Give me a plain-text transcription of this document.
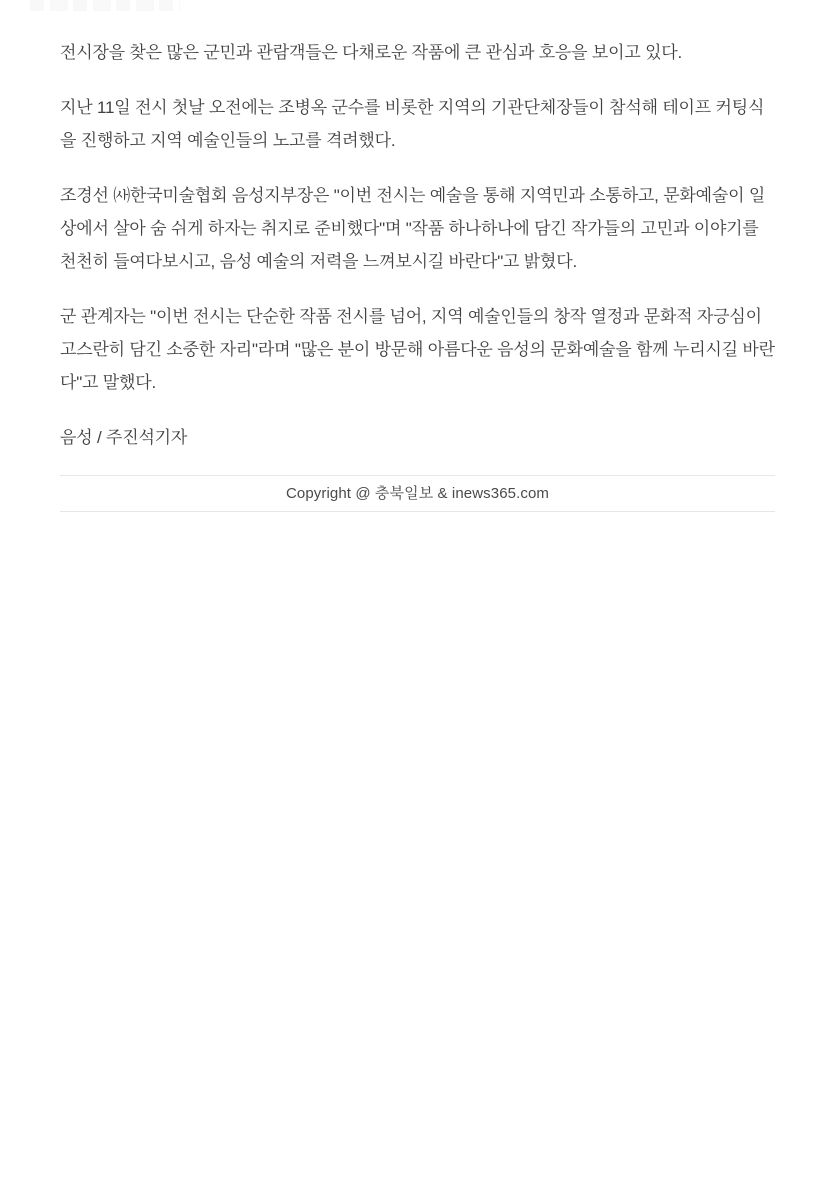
전시장을 찾은 많은 군민과 관람객들은 다채로운 작품에 큰 관심과 호응을 보이고 있다.

지난 11일 전시 첫날 오전에는 조병옥 군수를 비롯한 지역의 기관단체장들이 참석해 테이프 커팅식을 진행하고 지역 예술인들의 노고를 격려했다.

조경선 ㈔한국미술협회 음성지부장은 "이번 전시는 예술을 통해 지역민과 소통하고, 문화예술이 일상에서 살아 숨 쉬게 하자는 취지로 준비했다"며 "작품 하나하나에 담긴 작가들의 고민과 이야기를 천천히 들여다보시고, 음성 예술의 저력을 느껴보시길 바란다"고 밝혔다.

군 관계자는 "이번 전시는 단순한 작품 전시를 넘어, 지역 예술인들의 창작 열정과 문화적 자긍심이 고스란히 담긴 소중한 자리"라며 "많은 분이 방문해 아름다운 음성의 문화예술을 함께 누리시길 바란다"고 말했다.

음성 / 주진석기자

Copyright @ 충북일보 & inews365.com
